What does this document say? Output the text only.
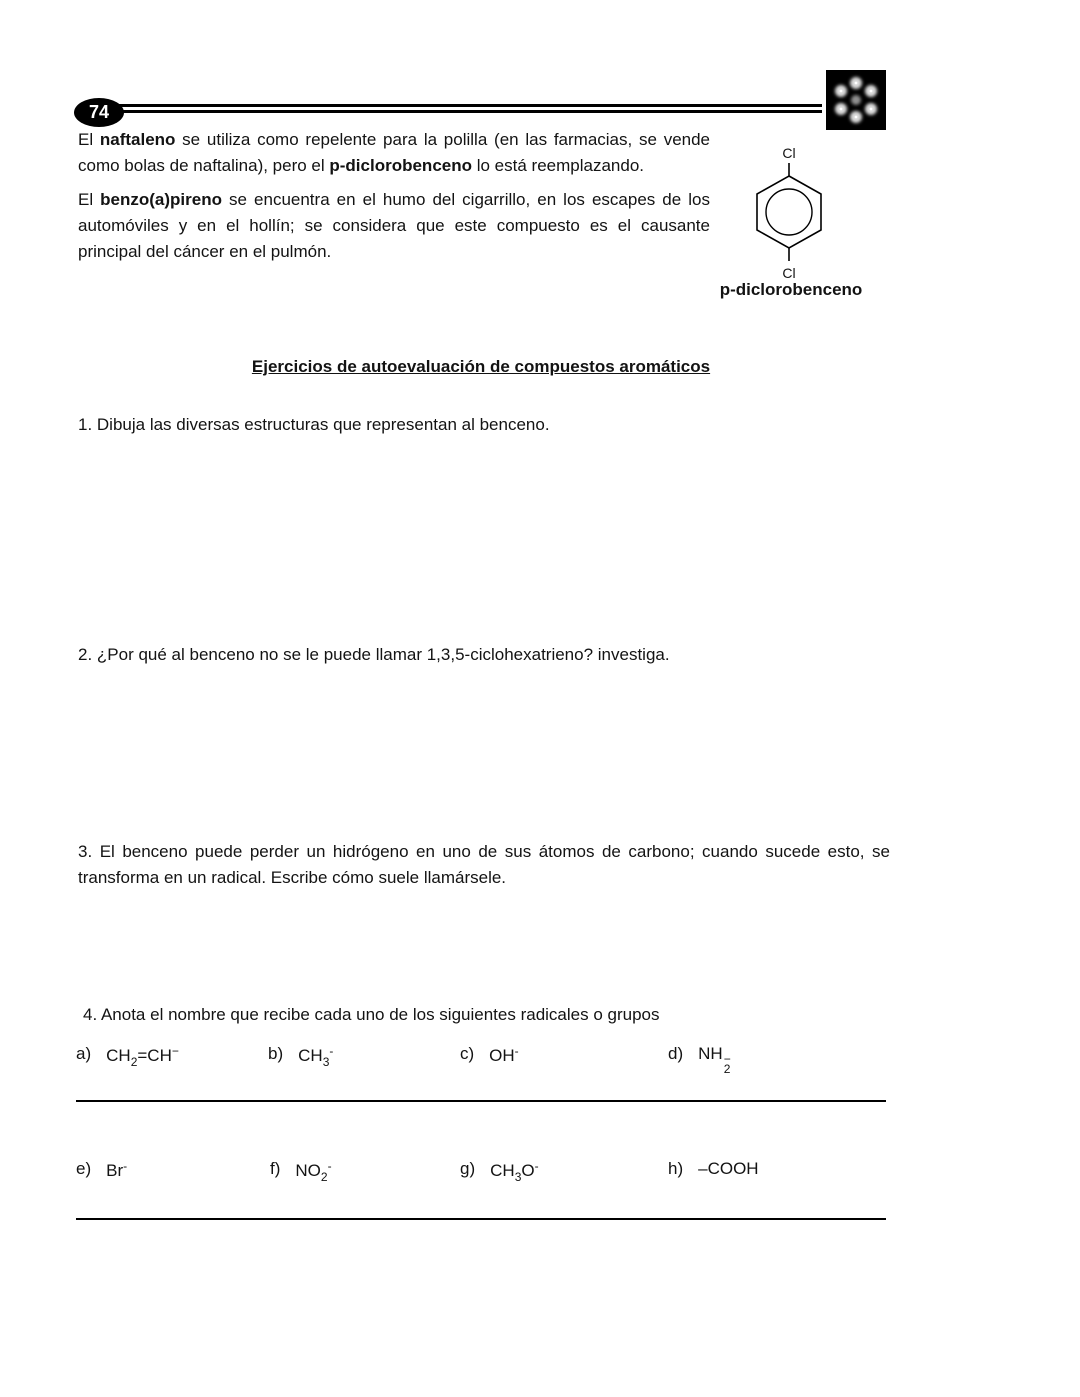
74

El naftaleno se utiliza como repelente para la polilla (en las farmacias, se vende como bolas de naftalina), pero el p-diclorobenceno lo está reemplazando.

El benzo(a)pireno se encuentra en el humo del cigarrillo, en los escapes de los automóviles y en el hollín; se considera que este compuesto es el causante principal del cáncer en el pulmón.

Cl
Cl
p-diclorobenceno
Ejercicios de autoevaluación de compuestos aromáticos
1. Dibuja las diversas estructuras que representan al benceno.
2. ¿Por qué al benceno no se le puede llamar 1,3,5-ciclohexatrieno? investiga.
3. El benceno puede perder un hidrógeno en uno de sus átomos de carbono; cuando sucede esto, se transforma en un radical. Escribe cómo suele llamársele.
4. Anota el nombre que recibe cada uno de los siguientes radicales o grupos
a) $CH_2=CH^-$	b) $CH_3^-$	c) OH-	d) NH −
2
e) Br-	f) $NO_2^-$	g) $CH_3O^-$	h) –COOH
